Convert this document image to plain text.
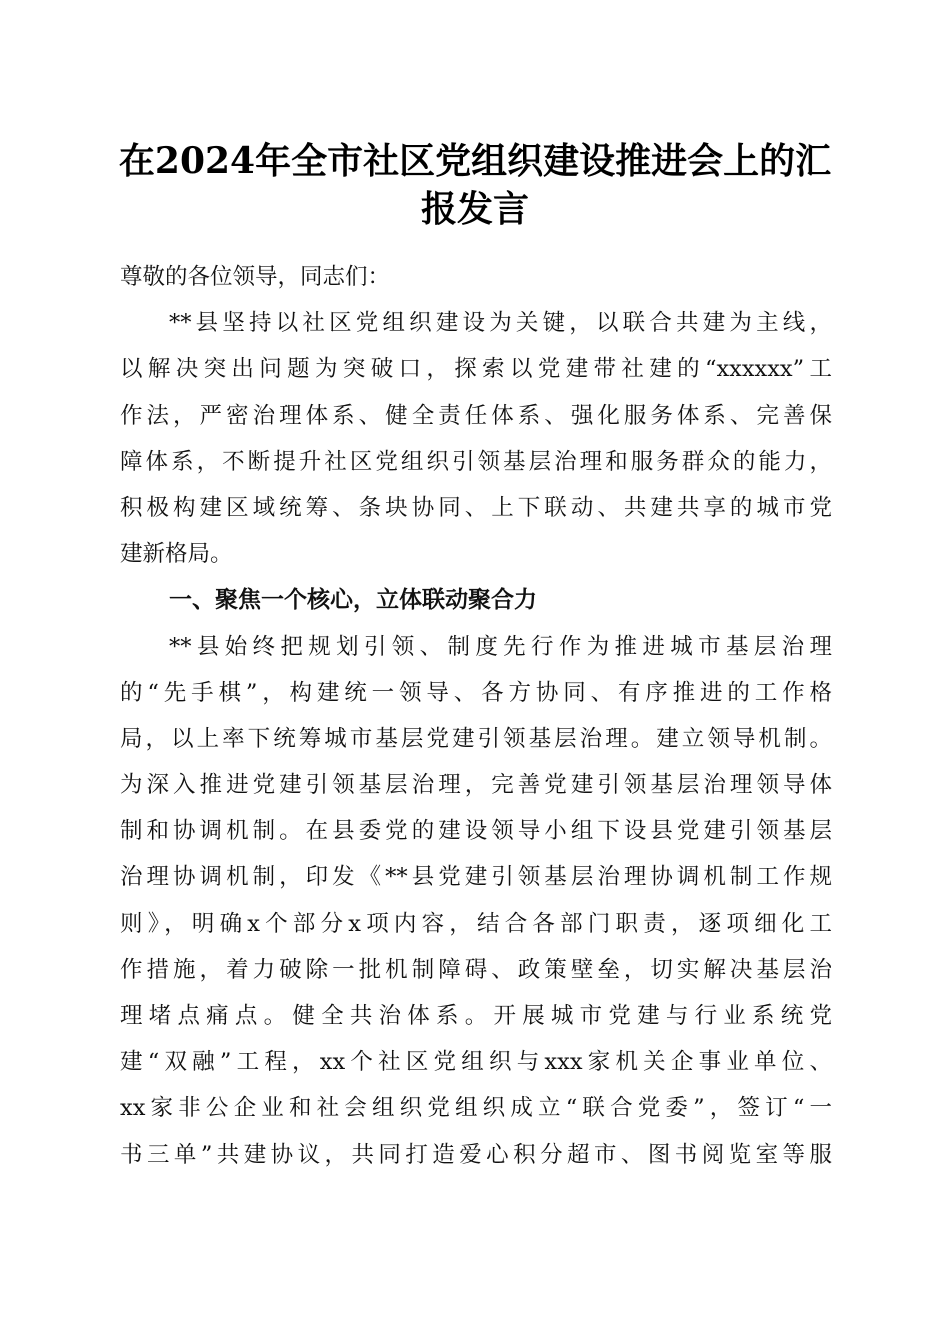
在2024年全市社区党组织建设推进会上的汇
报发言
尊敬的各位领导，同志们：
**县坚持以社区党组织建设为关键，以联合共建为主线，
以解决突出问题为突破口，探索以党建带社建的“xxxxxx”工
作法，严密治理体系、健全责任体系、强化服务体系、完善保
障体系，不断提升社区党组织引领基层治理和服务群众的能力，
积极构建区域统筹、条块协同、上下联动、共建共享的城市党
建新格局。
一、聚焦一个核心，立体联动聚合力
**县始终把规划引领、制度先行作为推进城市基层治理
的“先手棋”，构建统一领导、各方协同、有序推进的工作格
局，以上率下统筹城市基层党建引领基层治理。建立领导机制。
为深入推进党建引领基层治理，完善党建引领基层治理领导体
制和协调机制。在县委党的建设领导小组下设县党建引领基层
治理协调机制，印发《**县党建引领基层治理协调机制工作规
则》，明确x个部分x项内容，结合各部门职责，逐项细化工
作措施，着力破除一批机制障碍、政策壁垒，切实解决基层治
理堵点痛点。健全共治体系。开展城市党建与行业系统党
建“双融”工程，xx个社区党组织与xxx家机关企事业单位、
xx家非公企业和社会组织党组织成立“联合党委”，签订“一
书三单”共建协议，共同打造爱心积分超市、图书阅览室等服
